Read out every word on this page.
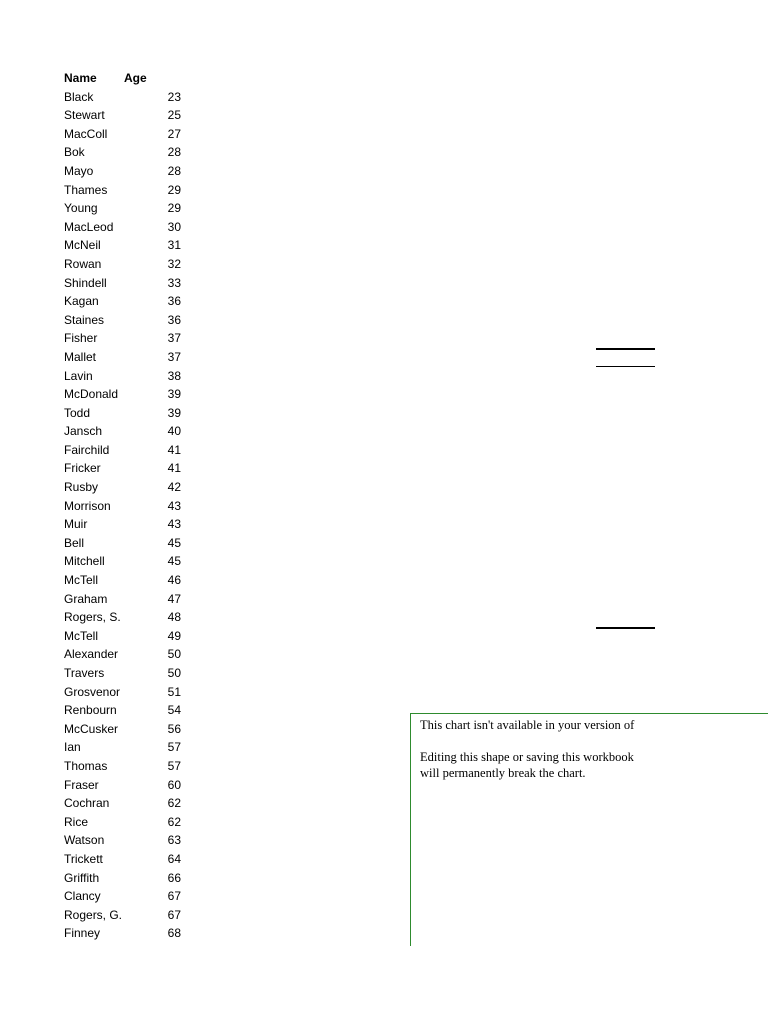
Name Age
Black	23
Stewart	25
MacColl	27
Bok	28
Mayo	28
Thames	29
Young	29
MacLeod	30
McNeil	31
Rowan	32
Shindell	33
Kagan	36
Staines	36
Fisher	37
Mallet	37
Lavin	38
McDonald	39
Todd	39
Jansch	40
Fairchild	41
Fricker	41
Rusby	42
Morrison	43
Muir	43
Bell	45
Mitchell	45
McTell	46
Graham	47
Rogers, S.	48
McTell	49
Alexander	50
Travers	50
Grosvenor	51
Renbourn	54
McCusker	56
Ian	57
Thomas	57
Fraser	60
Cochran	62
Rice	62
Watson	63
Trickett	64
Griffith	66
Clancy	67
Rogers, G.	67
Finney	68
This chart isn't available in your version of
Editing this shape or saving this workbook
will permanently break the chart.
